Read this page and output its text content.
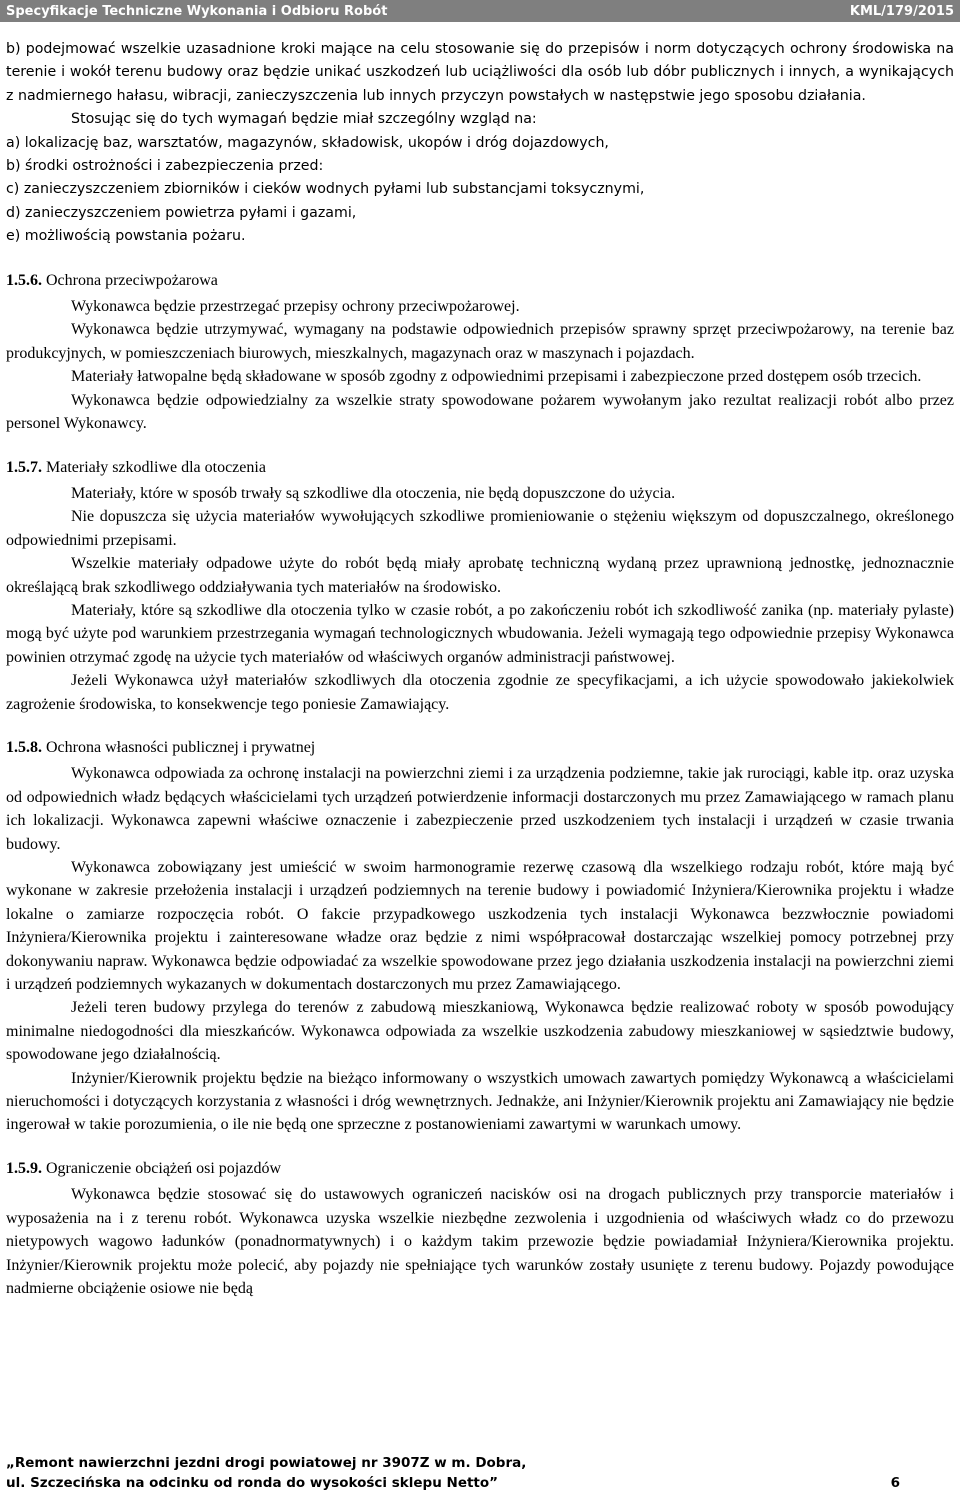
Specyfikacje Techniczne Wykonania i Odbioru Robót	KML/179/2015

b) podejmować wszelkie uzasadnione kroki mające na celu stosowanie się do przepisów i norm dotyczących ochrony środowiska na terenie i wokół terenu budowy oraz będzie unikać uszkodzeń lub uciążliwości dla osób lub dóbr publicznych i innych, a wynikających z nadmiernego hałasu, wibracji, zanieczyszczenia lub innych przyczyn powstałych w następstwie jego sposobu działania.

Stosując się do tych wymagań będzie miał szczególny wzgląd na:

a) lokalizację baz, warsztatów, magazynów, składowisk, ukopów i dróg dojazdowych,

b) środki ostrożności i zabezpieczenia przed:

c) zanieczyszczeniem zbiorników i cieków wodnych pyłami lub substancjami toksycznymi,

d) zanieczyszczeniem powietrza pyłami i gazami,

e) możliwością powstania pożaru.

1.5.6. Ochrona przeciwpożarowa

Wykonawca będzie przestrzegać przepisy ochrony przeciwpożarowej.

Wykonawca będzie utrzymywać, wymagany na podstawie odpowiednich przepisów sprawny sprzęt przeciwpożarowy, na terenie baz produkcyjnych, w pomieszczeniach biurowych, mieszkalnych, magazynach oraz w maszynach i pojazdach.

Materiały łatwopalne będą składowane w sposób zgodny z odpowiednimi przepisami i zabezpieczone przed dostępem osób trzecich.

Wykonawca będzie odpowiedzialny za wszelkie straty spowodowane pożarem wywołanym jako rezultat realizacji robót albo przez personel Wykonawcy.

1.5.7. Materiały szkodliwe dla otoczenia

Materiały, które w sposób trwały są szkodliwe dla otoczenia, nie będą dopuszczone do użycia.

Nie dopuszcza się użycia materiałów wywołujących szkodliwe promieniowanie o stężeniu większym od dopuszczalnego, określonego odpowiednimi przepisami.

Wszelkie materiały odpadowe użyte do robót będą miały aprobatę techniczną wydaną przez uprawnioną jednostkę, jednoznacznie określającą brak szkodliwego oddziaływania tych materiałów na środowisko.

Materiały, które są szkodliwe dla otoczenia tylko w czasie robót, a po zakończeniu robót ich szkodliwość zanika (np. materiały pylaste) mogą być użyte pod warunkiem przestrzegania wymagań technologicznych wbudowania. Jeżeli wymagają tego odpowiednie przepisy Wykonawca powinien otrzymać zgodę na użycie tych materiałów od właściwych organów administracji państwowej.

Jeżeli Wykonawca użył materiałów szkodliwych dla otoczenia zgodnie ze specyfikacjami, a ich użycie spowodowało jakiekolwiek zagrożenie środowiska, to konsekwencje tego poniesie Zamawiający.

1.5.8. Ochrona własności publicznej i prywatnej

Wykonawca odpowiada za ochronę instalacji na powierzchni ziemi i za urządzenia podziemne, takie jak rurociągi, kable itp. oraz uzyska od odpowiednich władz będących właścicielami tych urządzeń potwierdzenie informacji dostarczonych mu przez Zamawiającego w ramach planu ich lokalizacji. Wykonawca zapewni właściwe oznaczenie i zabezpieczenie przed uszkodzeniem tych instalacji i urządzeń w czasie trwania budowy.

Wykonawca zobowiązany jest umieścić w swoim harmonogramie rezerwę czasową dla wszelkiego rodzaju robót, które mają być wykonane w zakresie przełożenia instalacji i urządzeń podziemnych na terenie budowy i powiadomić Inżyniera/Kierownika projektu i władze lokalne o zamiarze rozpoczęcia robót. O fakcie przypadkowego uszkodzenia tych instalacji Wykonawca bezzwłocznie powiadomi Inżyniera/Kierownika projektu i zainteresowane władze oraz będzie z nimi współpracował dostarczając wszelkiej pomocy potrzebnej przy dokonywaniu napraw. Wykonawca będzie odpowiadać za wszelkie spowodowane przez jego działania uszkodzenia instalacji na powierzchni ziemi i urządzeń podziemnych wykazanych w dokumentach dostarczonych mu przez Zamawiającego.

Jeżeli teren budowy przylega do terenów z zabudową mieszkaniową, Wykonawca będzie realizować roboty w sposób powodujący minimalne niedogodności dla mieszkańców. Wykonawca odpowiada za wszelkie uszkodzenia zabudowy mieszkaniowej w sąsiedztwie budowy, spowodowane jego działalnością.

Inżynier/Kierownik projektu będzie na bieżąco informowany o wszystkich umowach zawartych pomiędzy Wykonawcą a właścicielami nieruchomości i dotyczących korzystania z własności i dróg wewnętrznych. Jednakże, ani Inżynier/Kierownik projektu ani Zamawiający nie będzie ingerował w takie porozumienia, o ile nie będą one sprzeczne z postanowieniami zawartymi w warunkach umowy.

1.5.9. Ograniczenie obciążeń osi pojazdów

Wykonawca będzie stosować się do ustawowych ograniczeń nacisków osi na drogach publicznych przy transporcie materiałów i wyposażenia na i z terenu robót. Wykonawca uzyska wszelkie niezbędne zezwolenia i uzgodnienia od właściwych władz co do przewozu nietypowych wagowo ładunków (ponadnormatywnych) i o każdym takim przewozie będzie powiadamiał Inżyniera/Kierownika projektu. Inżynier/Kierownik projektu może polecić, aby pojazdy nie spełniające tych warunków zostały usunięte z terenu budowy. Pojazdy powodujące nadmierne obciążenie osiowe nie będą

„Remont nawierzchni jezdni drogi powiatowej nr 3907Z w m. Dobra,
ul. Szczecińska na odcinku od ronda do wysokości sklepu Netto”	6
